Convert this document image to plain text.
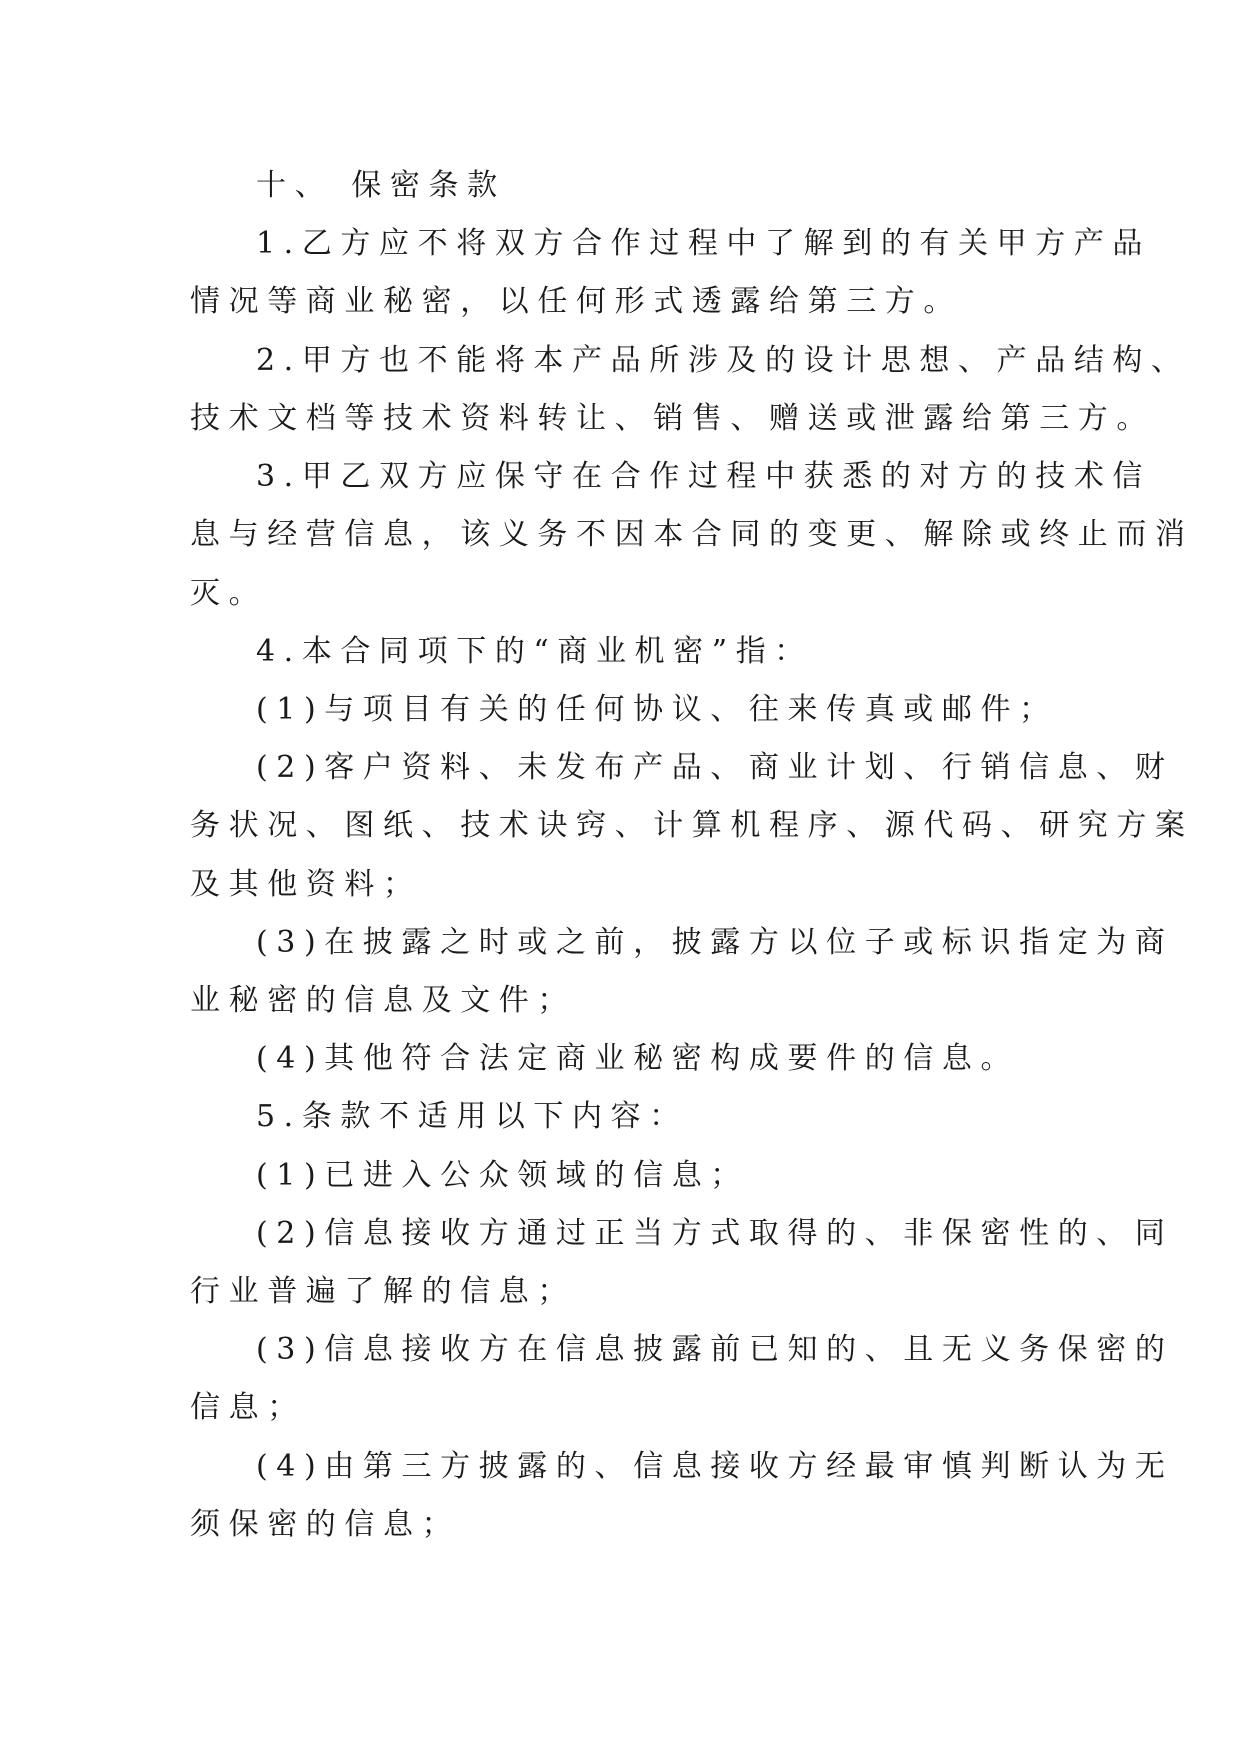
十、 保密条款
1.乙方应不将双方合作过程中了解到的有关甲方产品
情况等商业秘密，以任何形式透露给第三方。
2.甲方也不能将本产品所涉及的设计思想、产品结构、
技术文档等技术资料转让、销售、赠送或泄露给第三方。
3.甲乙双方应保守在合作过程中获悉的对方的技术信
息与经营信息，该义务不因本合同的变更、解除或终止而消
灭。
4.本合同项下的“商业机密”指：
(1)与项目有关的任何协议、往来传真或邮件；
(2)客户资料、未发布产品、商业计划、行销信息、财
务状况、图纸、技术诀窍、计算机程序、源代码、研究方案
及其他资料；
(3)在披露之时或之前，披露方以位子或标识指定为商
业秘密的信息及文件；
(4)其他符合法定商业秘密构成要件的信息。
5.条款不适用以下内容：
(1)已进入公众领域的信息；
(2)信息接收方通过正当方式取得的、非保密性的、同
行业普遍了解的信息；
(3)信息接收方在信息披露前已知的、且无义务保密的
信息；
(4)由第三方披露的、信息接收方经最审慎判断认为无
须保密的信息；
